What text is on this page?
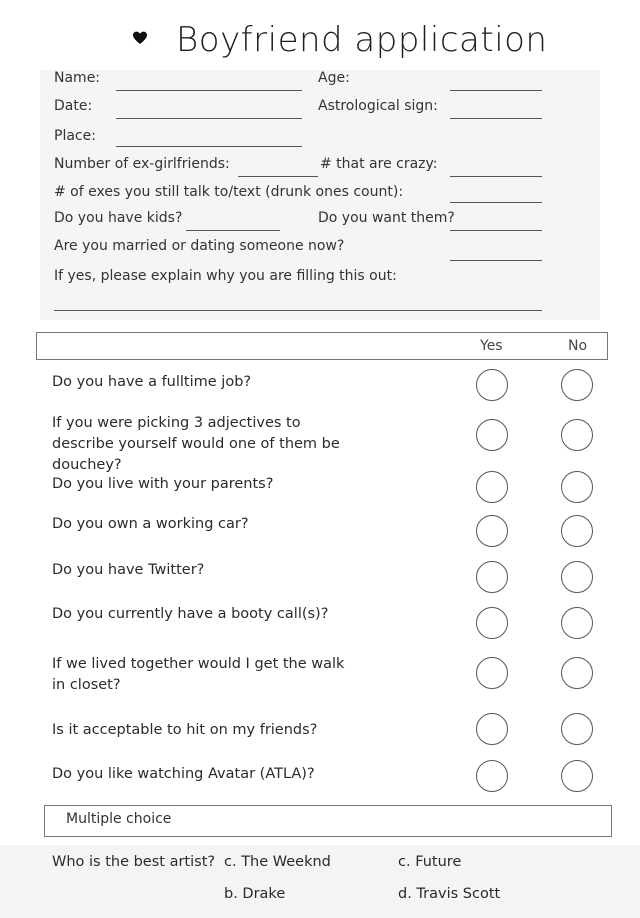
Boyfriend application
Name:	Age:
Date:	Astrological sign:
Place:
Number of ex-girlfriends:	# that are crazy:
# of exes you still talk to/text (drunk ones count):
Do you have kids?	Do you want them?
Are you married or dating someone now?
If yes, please explain why you are filling this out:
Yes	No
Do you have a fulltime job?
If you were picking 3 adjectives to describe yourself would one of them be douchey?
Do you live with your parents?
Do you own a working car?
Do you have Twitter?
Do you currently have a booty call(s)?
If we lived together would I get the walk in closet?
Is it acceptable to hit on my friends?
Do you like watching Avatar (ATLA)?
Multiple choice
Who is the best artist? c. The Weeknd	c. Future
b. Drake	d. Travis Scott
